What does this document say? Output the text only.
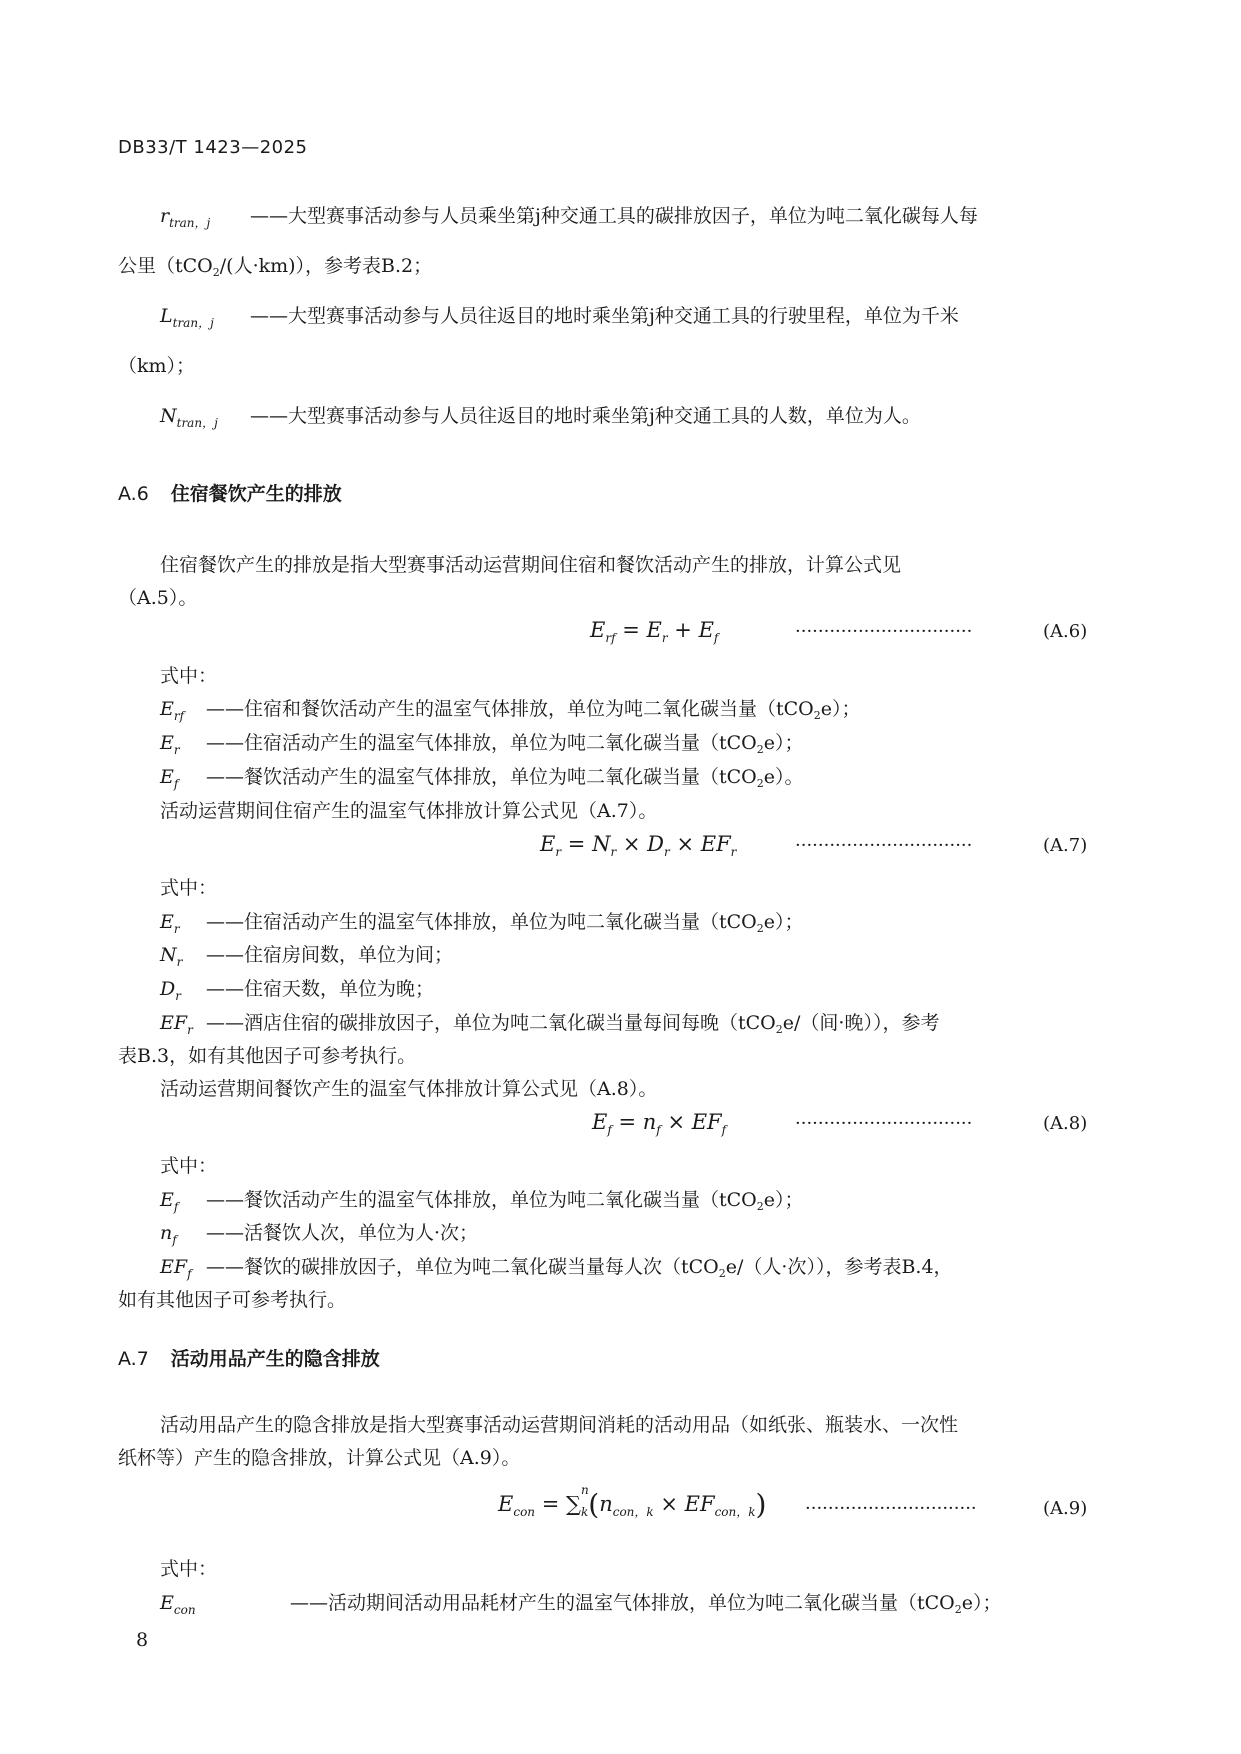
DB33/T 1423—2025
$r_{tran,j}$ ——大型赛事活动参与人员乘坐第j种交通工具的碳排放因子，单位为吨二氧化碳每人每
公里（tCO$_2$/(人·km)），参考表B.2；
$L_{tran,j}$ ——大型赛事活动参与人员往返目的地时乘坐第j种交通工具的行驶里程，单位为千米
（km）；
$N_{tran,j}$ ——大型赛事活动参与人员往返目的地时乘坐第j种交通工具的人数，单位为人。
A.6 住宿餐饮产生的排放
住宿餐饮产生的排放是指大型赛事活动运营期间住宿和餐饮活动产生的排放，计算公式见
（A.5）。
$E_{rf} = E_r + E_f$	·······························	(A.6)
式中：
$E_{rf}$ ——住宿和餐饮活动产生的温室气体排放，单位为吨二氧化碳当量（tCO$_2$e）；
$E_r$ ——住宿活动产生的温室气体排放，单位为吨二氧化碳当量（tCO$_2$e）；
$E_f$ ——餐饮活动产生的温室气体排放，单位为吨二氧化碳当量（tCO$_2$e）。
活动运营期间住宿产生的温室气体排放计算公式见（A.7）。
$E_r = N_r \times D_r \times EF_r$	·······························	(A.7)
式中：
$E_r$ ——住宿活动产生的温室气体排放，单位为吨二氧化碳当量（tCO$_2$e）；
$N_r$ ——住宿房间数，单位为间；
$D_r$ ——住宿天数，单位为晚；
$EF_r$ ——酒店住宿的碳排放因子，单位为吨二氧化碳当量每间每晚（tCO$_2$e/（间·晚）），参考
表B.3，如有其他因子可参考执行。
活动运营期间餐饮产生的温室气体排放计算公式见（A.8）。
$E_f = n_f \times EF_f$	·······························	(A.8)
式中：
$E_f$ ——餐饮活动产生的温室气体排放，单位为吨二氧化碳当量（tCO$_2$e）；
$n_f$ ——活餐饮人次，单位为人·次；
$EF_f$ ——餐饮的碳排放因子，单位为吨二氧化碳当量每人次（tCO$_2$e/（人·次）），参考表B.4，
如有其他因子可参考执行。
A.7 活动用品产生的隐含排放
活动用品产生的隐含排放是指大型赛事活动运营期间消耗的活动用品（如纸张、瓶装水、一次性
纸杯等）产生的隐含排放，计算公式见（A.9）。
$E_{con}$ = ∑
n
$_k(n_{con,k} \times EF_{con,k})$ ······························	(A.9)
式中：
$E_{con}$	——活动期间活动用品耗材产生的温室气体排放，单位为吨二氧化碳当量（tCO$_2$e）；
8
